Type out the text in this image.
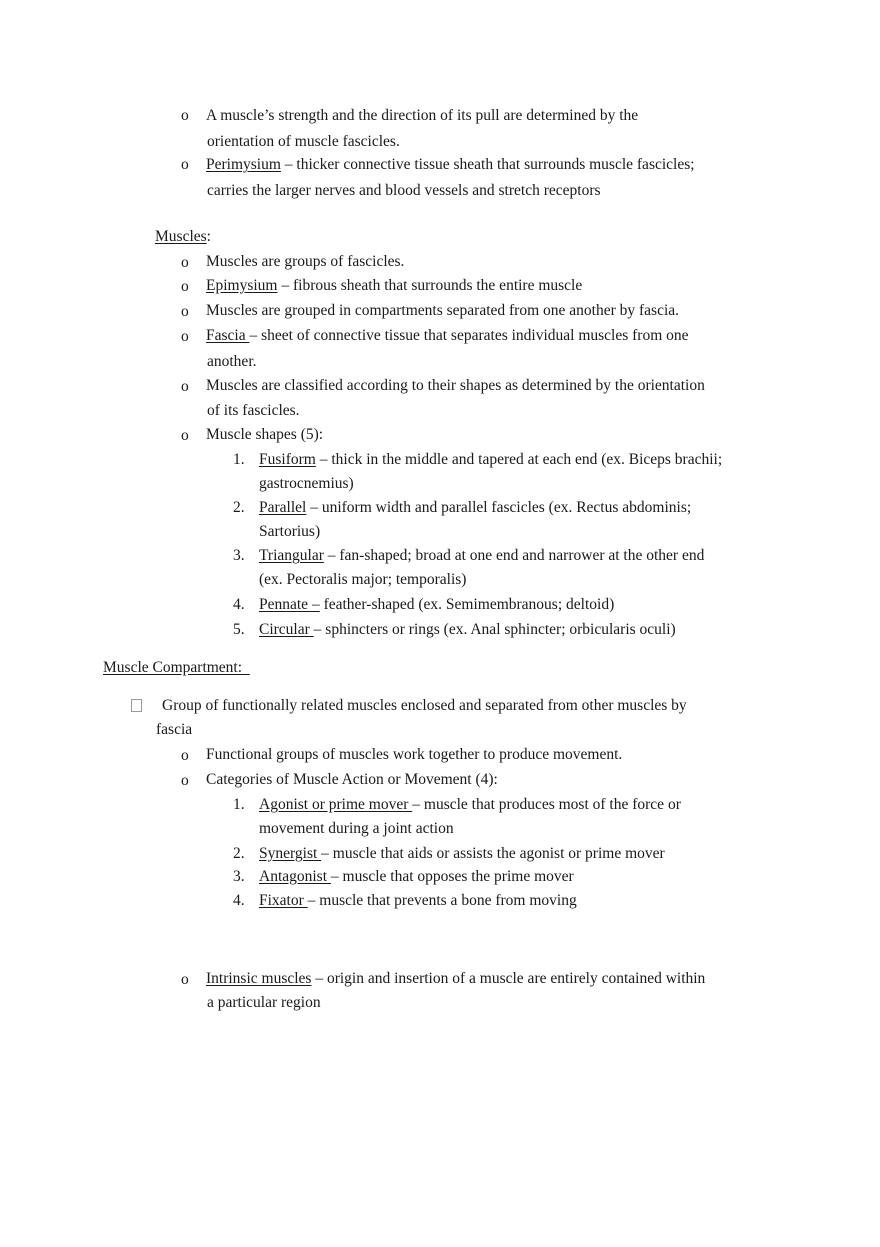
o A muscle’s strength and the direction of its pull are determined by the
orientation of muscle fascicles.
o Perimysium – thicker connective tissue sheath that surrounds muscle fascicles;
carries the larger nerves and blood vessels and stretch receptors
Muscles:
o Muscles are groups of fascicles.
o Epimysium – fibrous sheath that surrounds the entire muscle
o Muscles are grouped in compartments separated from one another by fascia.
o Fascia – sheet of connective tissue that separates individual muscles from one
another.
o Muscles are classified according to their shapes as determined by the orientation
of its fascicles.
o Muscle shapes (5):
1. Fusiform – thick in the middle and tapered at each end (ex. Biceps brachii;
gastrocnemius)
2. Parallel – uniform width and parallel fascicles (ex. Rectus abdominis;
Sartorius)
3. Triangular – fan-shaped; broad at one end and narrower at the other end
(ex. Pectoralis major; temporalis)
4. Pennate – feather-shaped (ex. Semimembranous; deltoid)
5. Circular – sphincters or rings (ex. Anal sphincter; orbicularis oculi)
Muscle Compartment:
Group of functionally related muscles enclosed and separated from other muscles by
fascia
o Functional groups of muscles work together to produce movement.
o Categories of Muscle Action or Movement (4):
1. Agonist or prime mover – muscle that produces most of the force or
movement during a joint action
2. Synergist – muscle that aids or assists the agonist or prime mover
3. Antagonist – muscle that opposes the prime mover
4. Fixator – muscle that prevents a bone from moving
o Intrinsic muscles – origin and insertion of a muscle are entirely contained within
a particular region
